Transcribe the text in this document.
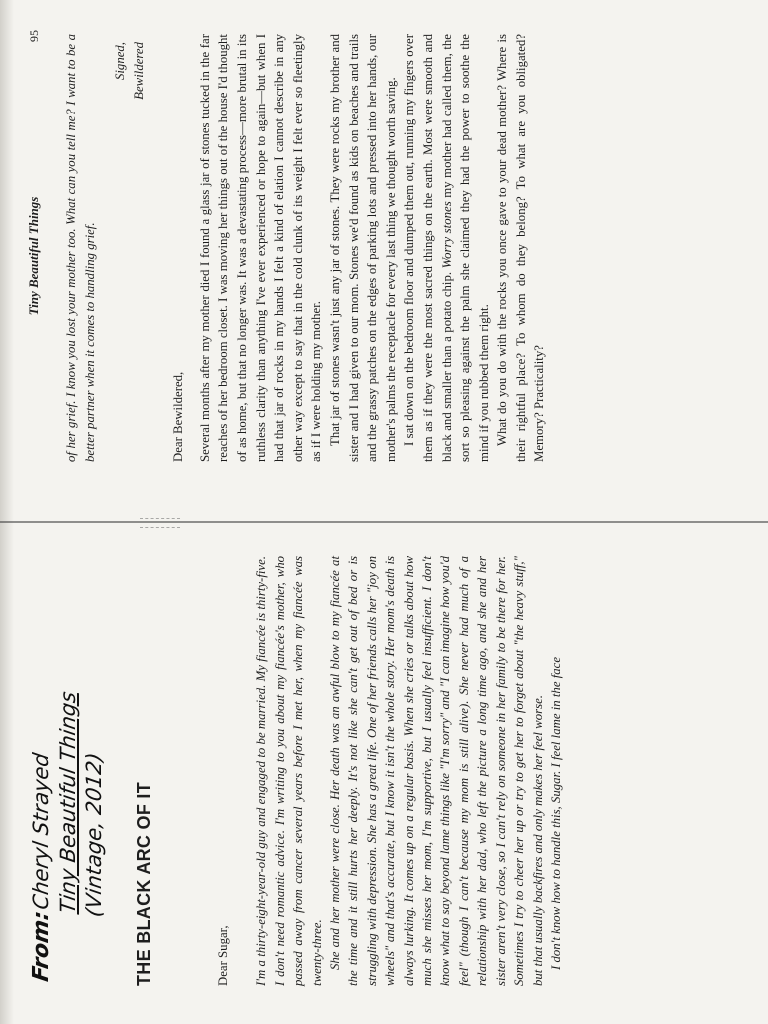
Tiny Beautiful Things
95 of her grief. I know you lost your mother too. What can you tell me? I want to be a better partner when it comes to handling grief.

Signed, Bewildered

Dear Bewildered, Several months after my mother died I found a glass jar of stones tucked in the far reaches of her bedroom closet. I was moving her things out of the house I'd thought of as home, but that no longer was. It was a devastating process—more brutal in its ruthless clarity than anything I've ever experienced or hope to again—but when I had that jar of rocks in my hands I felt a kind of elation I cannot describe in any other way except to say that in the cold clunk of its weight I felt ever so fleetingly as if I were holding my mother. That jar of stones wasn't just any jar of stones. They were rocks my brother and sister and I had given to our mom. Stones we'd found as kids on beaches and trails and the grassy patches on the edges of parking lots and pressed into her hands, our mother's palms the receptacle for every last thing we thought worth saving. I sat down on the bedroom floor and dumped them out, running my fingers over them as if they were the most sacred things on the earth. Most were smooth and black and smaller than a potato chip. Worry stones my mother had called them, the sort so pleasing against the palm she claimed they had the power to soothe the mind if you rubbed them right. What do you do with the rocks you once gave to your dead mother? Where is their rightful place? To whom do they belong? To what are you obligated? Memory? Practicality?

From:
Cheryl Strayed Tiny Beautiful Things (Vintage, 2012) THE BLACK ARC OF IT	Dear Sugar, I'm a thirty-eight-year-old guy and engaged to be married. My fiancée is thirty-five. I don't need romantic advice. I'm writing to you about my fiancée's mother, who passed away from cancer several years before I met her, when my fiancée was twenty-three. She and her mother were close. Her death was an awful blow to my fiancée at the time and it still hurts her deeply. It's not like she can't get out of bed or is struggling with depression. She has a great life. One of her friends calls her "joy on wheels" and that's accurate, but I know it isn't the whole story. Her mom's death is always lurking. It comes up on a regular basis. When she cries or talks about how much she misses her mom, I'm supportive, but I usually feel insufficient. I don't know what to say beyond lame things like "I'm sorry" and "I can imagine how you'd feel" (though I can't because my mom is still alive). She never had much of a relationship with her dad, who left the picture a long time ago, and she and her sister aren't very close, so I can't rely on someone in her family to be there for her. Sometimes I try to cheer her up or try to get her to forget about "the heavy stuff," but that usually backfires and only makes her feel worse. I don't know how to handle this, Sugar. I feel lame in the face
